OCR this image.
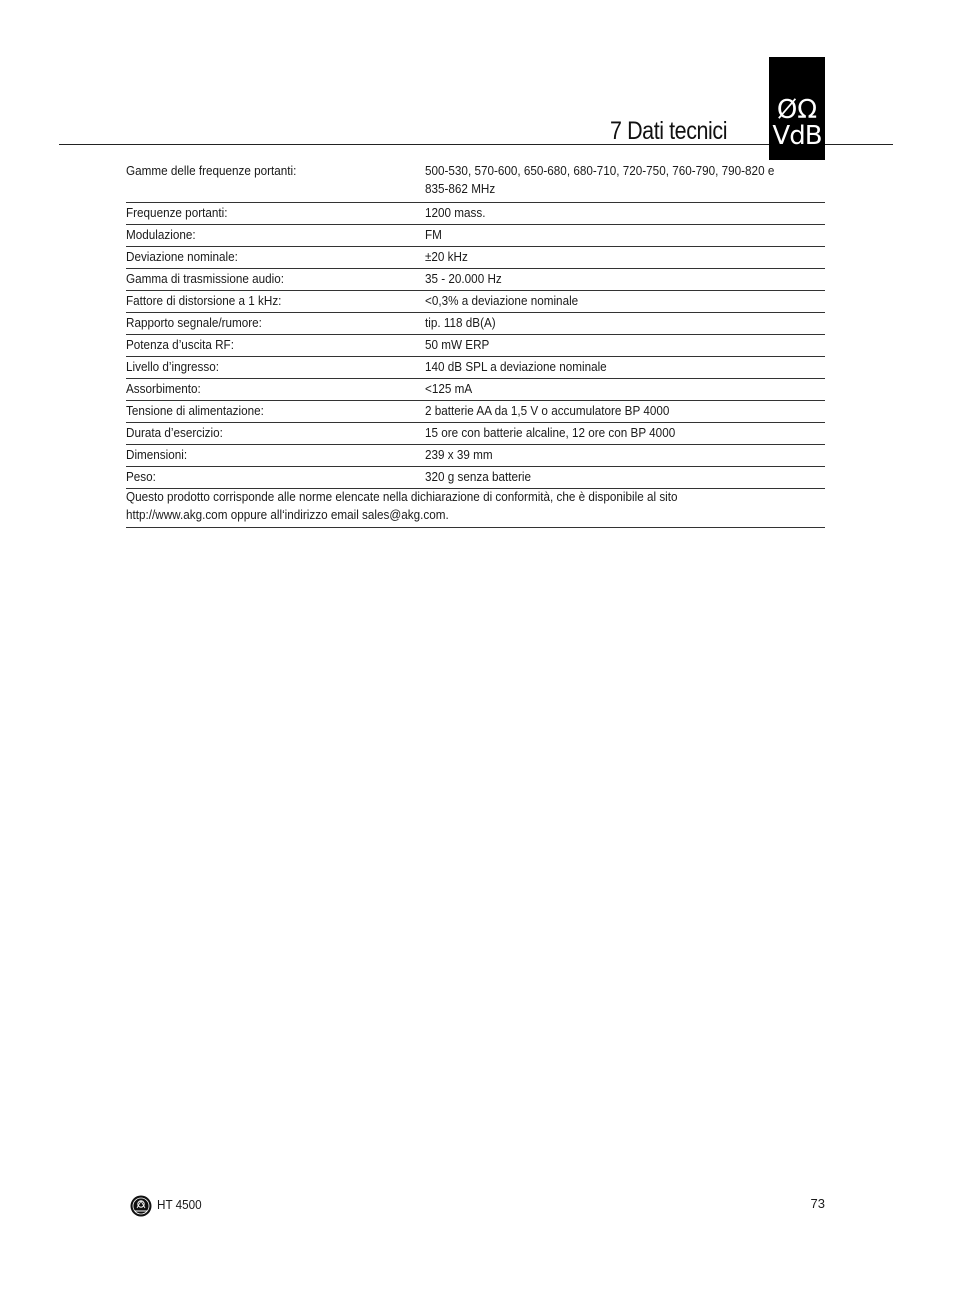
7 Dati tecnici
ØΩ
VdB
Gamme delle frequenze portanti:	500-530, 570-600, 650-680, 680-710, 720-750, 760-790, 790-820 e 835-862 MHz

Frequenze portanti:	1200 mass.
Modulazione:	FM
Deviazione nominale:	±20 kHz
Gamma di trasmissione audio:	35 - 20.000 Hz
Fattore di distorsione a 1 kHz:	<0,3% a deviazione nominale
Rapporto segnale/rumore:	tip. 118 dB(A)
Potenza d’uscita RF:	50 mW ERP
Livello d’ingresso:	140 dB SPL a deviazione nominale
Assorbimento:	<125 mA
Tensione di alimentazione:	2 batterie AA da 1,5 V o accumulatore BP 4000
Durata d’esercizio:	15 ore con batterie alcaline, 12 ore con BP 4000
Dimensioni:	239 x 39 mm
Peso:	320 g senza batterie
Questo prodotto corrisponde alle norme elencate nella dichiarazione di conformità, che è disponibile al sito
http://www.akg.com oppure all‘indirizzo email sales@akg.com.
HT 4500	73
